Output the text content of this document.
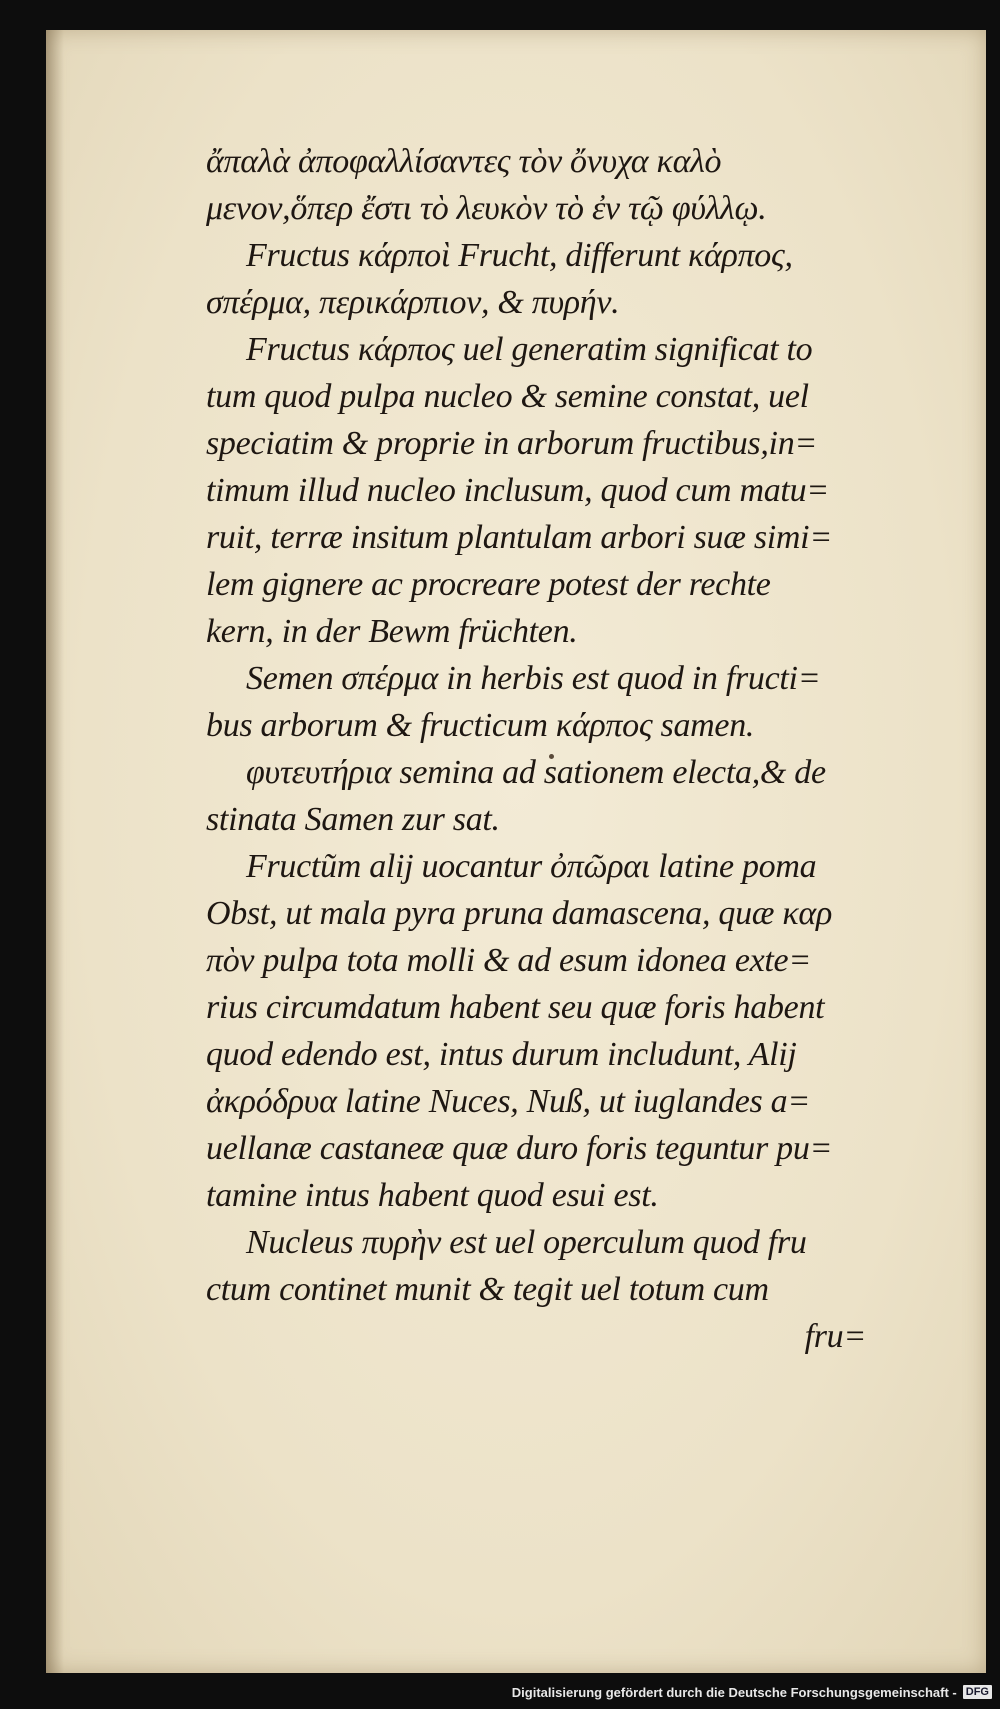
ἄπαλὰ ἀποφαλλίσαντες τὸν ὄνυχα καλὸ
μενον,ὅπερ ἔστι τὸ λευκὸν τὸ ἐν τῷ φύλλῳ.
Fructus κάρποὶ Frucht, differunt κάρπος,
σπέρμα, περικάρπιον, & πυρήν.
Fructus κάρπος uel generatim significat to
tum quod pulpa nucleo & semine constat, uel
speciatim & proprie in arborum fructibus,in=
timum illud nucleo inclusum, quod cum matu=
ruit, terræ insitum plantulam arbori suæ simi=
lem gignere ac procreare potest der rechte
kern, in der Bewm früchten.
Semen σπέρμα in herbis est quod in fructi=
bus arborum & fructicum κάρπος samen.
φυτευτήρια semina ad sationem electa,& de
stinata Samen zur sat.
Fructũm alij uocantur ὀπῶραι latine poma
Obst, ut mala pyra pruna damascena, quæ καρ
πὸν pulpa tota molli & ad esum idonea exte=
rius circumdatum habent seu quæ foris habent
quod edendo est, intus durum includunt, Alij
ἀκρόδρυα latine Nuces, Nuß, ut iuglandes a=
uellanæ castaneæ quæ duro foris teguntur pu=
tamine intus habent quod esui est.
Nucleus πυρὴν est uel operculum quod fru
ctum continet munit & tegit uel totum cum
fru=
Digitalisierung gefördert durch die Deutsche Forschungsgemeinschaft - DFG
